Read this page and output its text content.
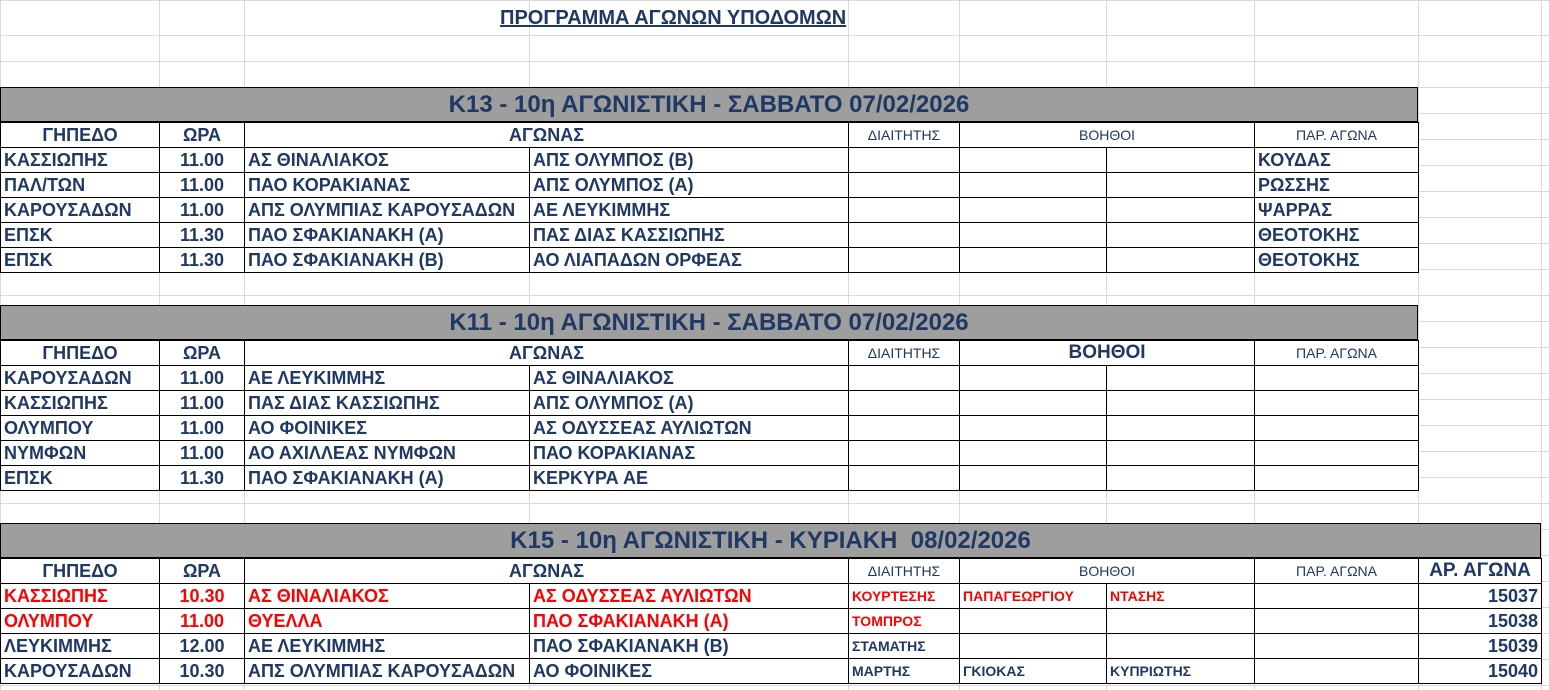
ΠΡΟΓΡΑΜΜΑ ΑΓΩΝΩΝ ΥΠΟΔΟΜΩΝ
Κ13 - 10η ΑΓΩΝΙΣΤΙΚΗ - ΣΑΒΒΑΤΟ 07/02/2026
ΓΗΠΕΔΟ	ΩΡΑ	ΑΓΩΝΑΣ		ΔΙΑΙΤΗΤΗΣ	ΒΟΗΘΟΙ		ΠΑΡ. ΑΓΩΝΑ
ΚΑΣΣΙΩΠΗΣ	11.00	ΑΣ ΘΙΝΑΛΙΑΚΟΣ	ΑΠΣ ΟΛΥΜΠΟΣ (Β)				ΚΟΥΔΑΣ
ΠΑΛ/ΤΩΝ	11.00	ΠΑΟ ΚΟΡΑΚΙΑΝΑΣ	ΑΠΣ ΟΛΥΜΠΟΣ (Α)				ΡΩΣΣΗΣ
ΚΑΡΟΥΣΑΔΩΝ	11.00	ΑΠΣ ΟΛΥΜΠΙΑΣ ΚΑΡΟΥΣΑΔΩΝ	ΑΕ ΛΕΥΚΙΜΜΗΣ				ΨΑΡΡΑΣ
ΕΠΣΚ	11.30	ΠΑΟ ΣΦΑΚΙΑΝΑΚΗ (Α)	ΠΑΣ ΔΙΑΣ ΚΑΣΣΙΩΠΗΣ				ΘΕΟΤΟΚΗΣ
ΕΠΣΚ	11.30	ΠΑΟ ΣΦΑΚΙΑΝΑΚΗ (Β)	ΑΟ ΛΙΑΠΑΔΩΝ ΟΡΦΕΑΣ				ΘΕΟΤΟΚΗΣ
Κ11 - 10η ΑΓΩΝΙΣΤΙΚΗ - ΣΑΒΒΑΤΟ 07/02/2026
ΓΗΠΕΔΟ	ΩΡΑ	ΑΓΩΝΑΣ		ΔΙΑΙΤΗΤΗΣ	ΒΟΗΘΟΙ		ΠΑΡ. ΑΓΩΝΑ
ΚΑΡΟΥΣΑΔΩΝ	11.00	ΑΕ ΛΕΥΚΙΜΜΗΣ	ΑΣ ΘΙΝΑΛΙΑΚΟΣ				
ΚΑΣΣΙΩΠΗΣ	11.00	ΠΑΣ ΔΙΑΣ ΚΑΣΣΙΩΠΗΣ	ΑΠΣ ΟΛΥΜΠΟΣ (Α)				
ΟΛΥΜΠΟΥ	11.00	ΑΟ ΦΟΙΝΙΚΕΣ	ΑΣ ΟΔΥΣΣΕΑΣ ΑΥΛΙΩΤΩΝ				
ΝΥΜΦΩΝ	11.00	ΑΟ ΑΧΙΛΛΕΑΣ ΝΥΜΦΩΝ	ΠΑΟ ΚΟΡΑΚΙΑΝΑΣ				
ΕΠΣΚ	11.30	ΠΑΟ ΣΦΑΚΙΑΝΑΚΗ (Α)	ΚΕΡΚΥΡΑ ΑΕ				
Κ15 - 10η ΑΓΩΝΙΣΤΙΚΗ - ΚΥΡΙΑΚΗ  08/02/2026
ΓΗΠΕΔΟ	ΩΡΑ	ΑΓΩΝΑΣ		ΔΙΑΙΤΗΤΗΣ	ΒΟΗΘΟΙ		ΠΑΡ. ΑΓΩΝΑ	ΑΡ. ΑΓΩΝΑ
ΚΑΣΣΙΩΠΗΣ	10.30	ΑΣ ΘΙΝΑΛΙΑΚΟΣ	ΑΣ ΟΔΥΣΣΕΑΣ ΑΥΛΙΩΤΩΝ	ΚΟΥΡΤΕΣΗΣ	ΠΑΠΑΓΕΩΡΓΙΟΥ	ΝΤΑΣΗΣ		15037
ΟΛΥΜΠΟΥ	11.00	ΘΥΕΛΛΑ	ΠΑΟ ΣΦΑΚΙΑΝΑΚΗ (Α)	ΤΟΜΠΡΟΣ				15038
ΛΕΥΚΙΜΜΗΣ	12.00	ΑΕ ΛΕΥΚΙΜΜΗΣ	ΠΑΟ ΣΦΑΚΙΑΝΑΚΗ (Β)	ΣΤΑΜΑΤΗΣ				15039
ΚΑΡΟΥΣΑΔΩΝ	10.30	ΑΠΣ ΟΛΥΜΠΙΑΣ ΚΑΡΟΥΣΑΔΩΝ	ΑΟ ΦΟΙΝΙΚΕΣ	ΜΑΡΤΗΣ	ΓΚΙΟΚΑΣ	ΚΥΠΡΙΩΤΗΣ		15040
